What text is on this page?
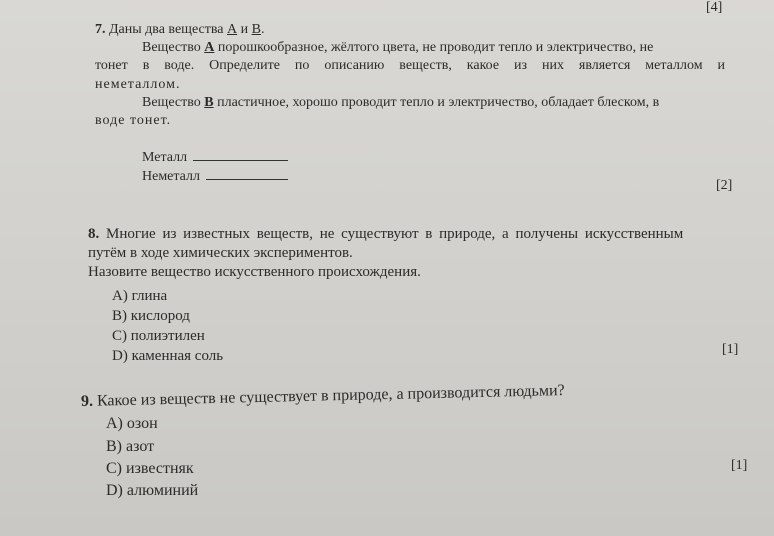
[4]
7. Даны два вещества А и В.
Вещество А порошкообразное, жёлтого цвета, не проводит тепло и электричество, не
тонет в воде. Определите по описанию веществ, какое из них является металлом и
неметаллом.
Вещество В пластичное, хорошо проводит тепло и электричество, обладает блеском, в
воде тонет.
Металл
Неметалл
[2]
8. Многие из известных веществ, не существуют в природе, а получены искусственным
путём в ходе химических экспериментов.
Назовите вещество искусственного происхождения.
A) глина
B) кислород
C) полиэтилен
D) каменная соль	[1]
9. Какое из веществ не существует в природе, а производится людьми?
A) озон
B) азот
C) известняк
D) алюминий
[1]
